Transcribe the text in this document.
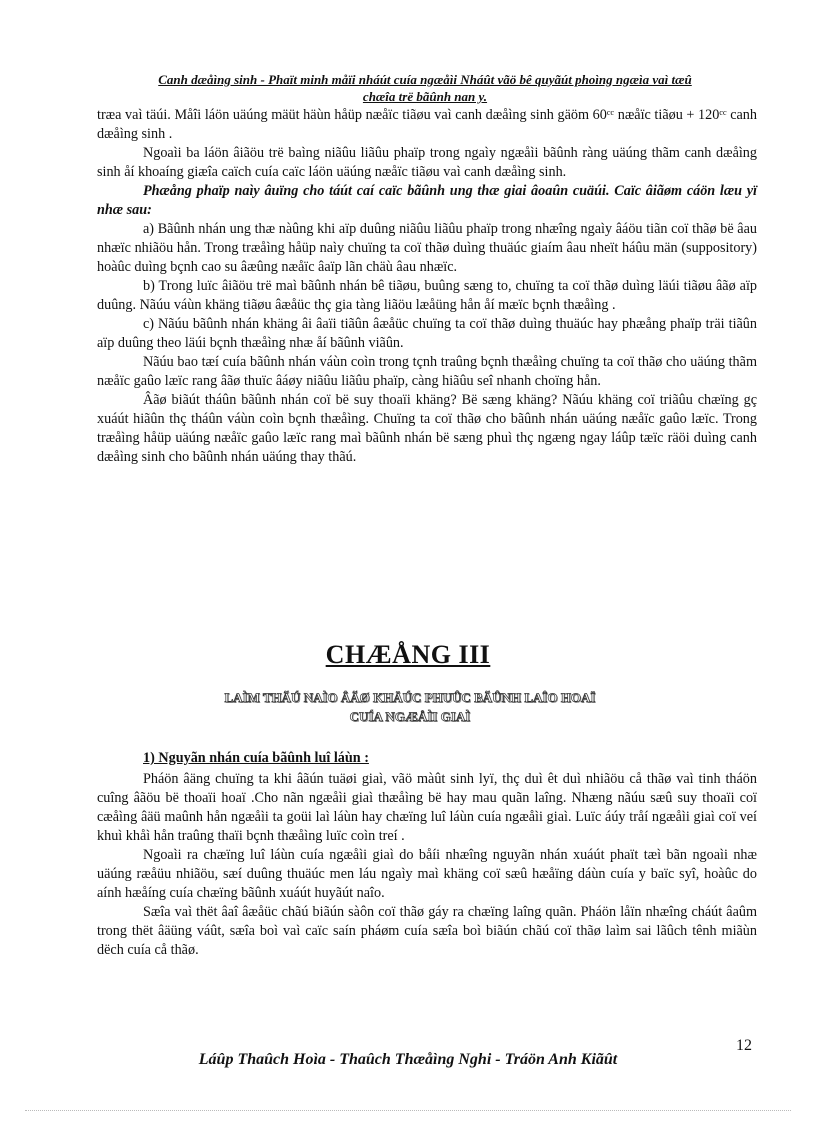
Canh dæåìng sinh - Phaït minh måïi nháút cuía ngæåìi Nháût vãö bê quyãút phoìng ngæìa vaì tæû
chæîa trë bãûnh nan y.

træa vaì täúi. Måîi láön uäúng mäüt häùn håüp næåïc tiãøu vaì canh dæåìng sinh gäöm 60ᶜᶜ næåïc tiãøu + 120ᶜᶜ canh dæåìng sinh .

Ngoaìi ba láön âiãöu trë baìng niãûu liãûu phaïp trong ngaìy ngæåìi bãûnh ràng uäúng thãm canh dæåìng sinh åí khoaíng giæîa caïch cuía caïc láön uäúng næåïc tiãøu vaì canh dæåìng sinh.

Phæång phaïp naìy âuïng cho táút caí caïc bãûnh ung thæ giai âoaûn cuäúi. Caïc âiãøm cáön læu yï nhæ sau:

a) Bãûnh nhán ung thæ nàûng khi aïp duûng niãûu liãûu phaïp trong nhæîng ngaìy âáöu tiãn coï thãø bë âau nhæïc nhiãöu hån. Trong træåìng håüp naìy chuïng ta coï thãø duìng thuäúc giaím âau nheït háûu män (suppository) hoàûc duìng bçnh cao su âæûng næåïc âaïp lãn chäù âau nhæïc.

b) Trong luïc âiãöu trë maì bãûnh nhán bê tiãøu, buûng sæng to, chuïng ta coï thãø duìng läúi tiãøu âãø aïp duûng. Nãúu váùn khäng tiãøu âæåüc thç gia tàng liãöu læåüng hån åí mæïc bçnh thæåìng .

c) Nãúu bãûnh nhán khäng âi âaïi tiãûn âæåüc chuïng ta coï thãø duìng thuäúc hay phæång phaïp träi tiãûn aïp duûng theo läúi bçnh thæåìng nhæ åí bãûnh viãûn.

Nãúu bao tæí cuía bãûnh nhán váùn coìn trong tçnh traûng bçnh thæåìng chuïng ta coï thãø cho uäúng thãm næåïc gaûo læïc rang âãø thuïc âáøy niãûu liãûu phaïp, càng hiãûu seî nhanh choïng hån.

Âãø biãút tháûn bãûnh nhán coï bë suy thoaïi khäng? Bë sæng khäng? Nãúu khäng coï triãûu chæïng gç xuáút hiãûn thç tháûn váùn coìn bçnh thæåìng. Chuïng ta coï thãø cho bãûnh nhán uäúng næåïc gaûo læïc. Trong træåìng håüp uäúng næåïc gaûo læïc rang maì bãûnh nhán bë sæng phuì thç ngæng ngay láûp tæïc räöi duìng canh dæåìng sinh cho bãûnh nhán uäúng thay thãú.

CHÆÅNG III
LAÌM THÃÚ NAÌO ÂÃØ KHÄÚC PHUÛC BÃÛNH LAÎO HOAÏ
CUÍA NGÆÅÌI GIAÌ

1) Nguyãn nhán cuía bãûnh luî láùn :

Pháön âäng chuïng ta khi âãún tuäøi giaì, vãö màût sinh lyï, thç duì êt duì nhiãöu cå thãø vaì tinh tháön cuîng âãöu bë thoaïi hoaï .Cho nãn ngæåìi giaì thæåìng bë hay mau quãn laîng. Nhæng nãúu sæû suy thoaïi coï cæåìng âäü maûnh hån ngæåìi ta goüi laì láùn hay chæïng luî láùn cuía ngæåìi giaì. Luïc áúy tråí ngæåìi giaì coï veí khuì khåì hån traûng thaïi bçnh thæåìng luïc coìn treí .

Ngoaìi ra chæïng luî láùn cuía ngæåìi giaì do båíi nhæîng nguyãn nhán xuáút phaït tæì bãn ngoaìi nhæ uäúng ræåüu nhiãöu, sæí duûng thuäúc men láu ngaìy maì khäng coï sæû hæåïng dáùn cuía y baïc syî, hoàûc do aính hæåíng cuía chæïng bãûnh xuáút huyãút naîo.

Sæîa vaì thët âaî âæåüc chãú biãún sàôn coï thãø gáy ra chæïng laîng quãn. Pháön låïn nhæîng cháút âaûm trong thët âäüng váût, sæîa boì vaì caïc saín pháøm cuía sæîa boì biãún chãú coï thãø laìm sai lãûch tênh miãùn dëch cuía cå thãø.

12
Láûp Thaûch Hoìa - Thaûch Thæåìng Nghi - Tráön Anh Kiãût
